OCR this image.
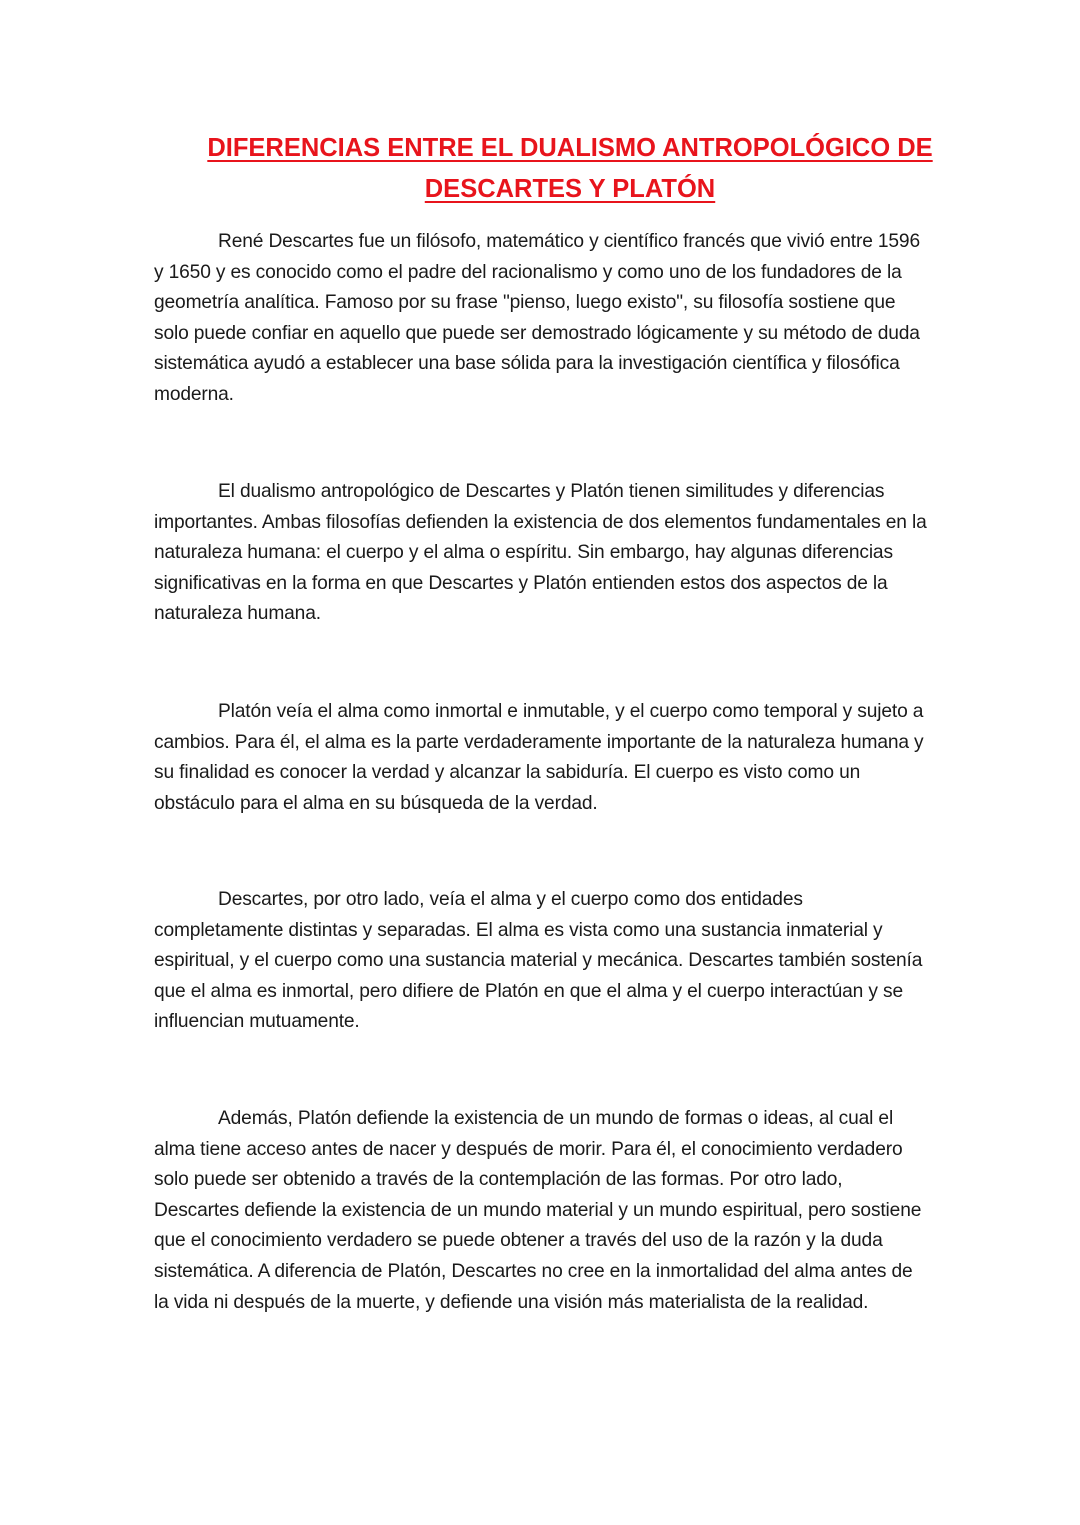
DIFERENCIAS ENTRE EL DUALISMO ANTROPOLÓGICO DE
DESCARTES Y PLATÓN

René Descartes fue un filósofo, matemático y científico francés que vivió entre 1596 y 1650 y es conocido como el padre del racionalismo y como uno de los fundadores de la geometría analítica. Famoso por su frase "pienso, luego existo", su filosofía sostiene que solo puede confiar en aquello que puede ser demostrado lógicamente y su método de duda sistemática ayudó a establecer una base sólida para la investigación científica y filosófica moderna.

El dualismo antropológico de Descartes y Platón tienen similitudes y diferencias importantes. Ambas filosofías defienden la existencia de dos elementos fundamentales en la naturaleza humana: el cuerpo y el alma o espíritu. Sin embargo, hay algunas diferencias significativas en la forma en que Descartes y Platón entienden estos dos aspectos de la naturaleza humana.

Platón veía el alma como inmortal e inmutable, y el cuerpo como temporal y sujeto a cambios. Para él, el alma es la parte verdaderamente importante de la naturaleza humana y su finalidad es conocer la verdad y alcanzar la sabiduría. El cuerpo es visto como un obstáculo para el alma en su búsqueda de la verdad.

Descartes, por otro lado, veía el alma y el cuerpo como dos entidades completamente distintas y separadas. El alma es vista como una sustancia inmaterial y espiritual, y el cuerpo como una sustancia material y mecánica. Descartes también sostenía que el alma es inmortal, pero difiere de Platón en que el alma y el cuerpo interactúan y se influencian mutuamente.

Además, Platón defiende la existencia de un mundo de formas o ideas, al cual el alma tiene acceso antes de nacer y después de morir. Para él, el conocimiento verdadero solo puede ser obtenido a través de la contemplación de las formas. Por otro lado, Descartes defiende la existencia de un mundo material y un mundo espiritual, pero sostiene que el conocimiento verdadero se puede obtener a través del uso de la razón y la duda sistemática. A diferencia de Platón, Descartes no cree en la inmortalidad del alma antes de la vida ni después de la muerte, y defiende una visión más materialista de la realidad.
